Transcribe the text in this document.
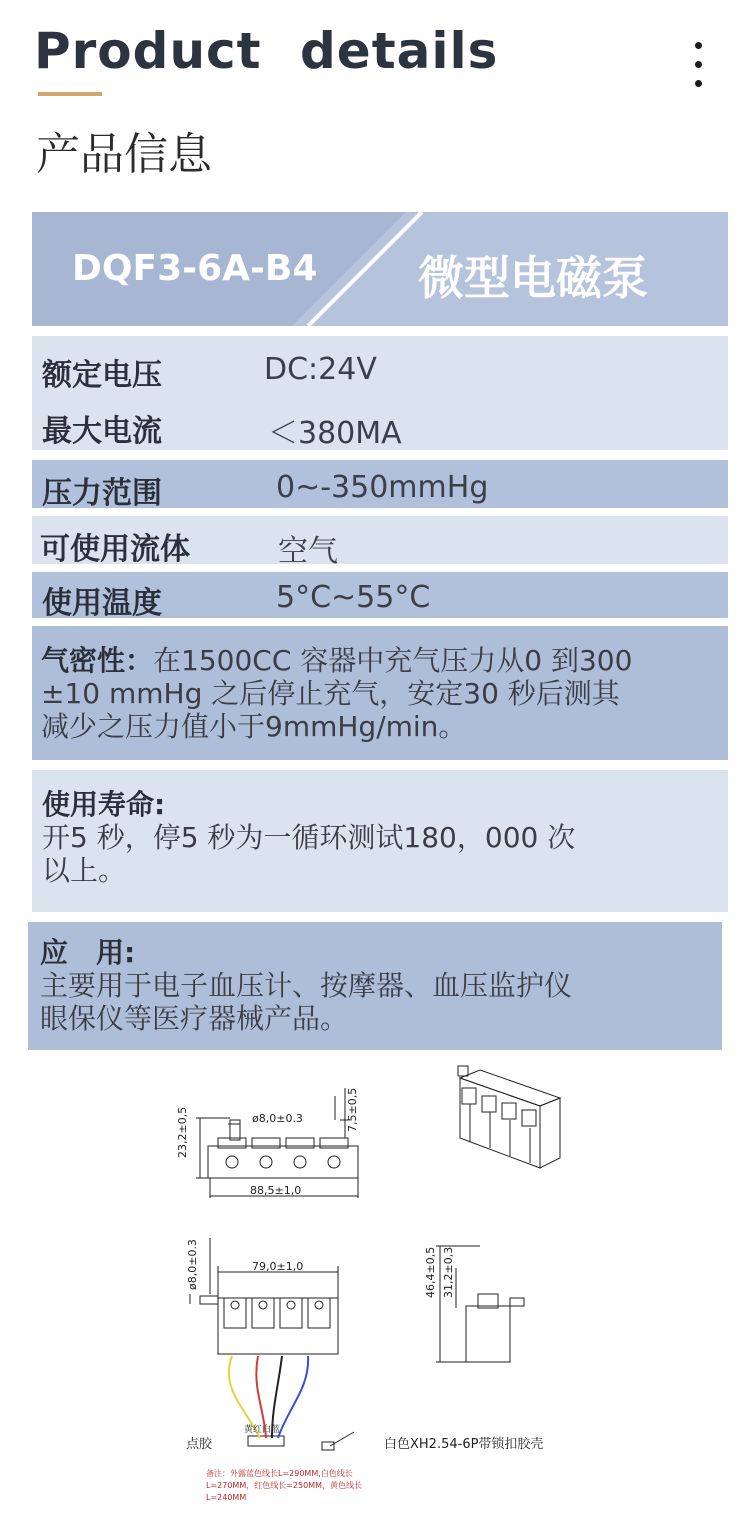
Product details
产品信息
DQF3-6A-B4 微型电磁泵
额定电压	DC:24V
最大电流	＜380MA
压力范围	0~-350mmHg
可使用流体	空气
使用温度	5°C~55°C

气密性：在1500CC 容器中充气压力从0 到300

±10 mmHg 之后停止充气，安定30 秒后测其

减少之压力值小于9mmHg/min。

使用寿命:

开5 秒，停5 秒为一循环测试180，000 次

以上。

应　用:

主要用于电子血压计、按摩器、血压监护仪

眼保仪等医疗器械产品。

23,2±0,5	ø8,0±0.3	7,5±0,5
88,5±1,0
ø8,0±0.3	79,0±1,0	46,4±0,5 31,2±0,3
点胶
黄红白蓝
白色XH2.54-6P带锁扣胶壳
备注：外露蓝色线长L=290MM,白色线长
L=270MM，红色线长=250MM，黄色线长
L=240MM
